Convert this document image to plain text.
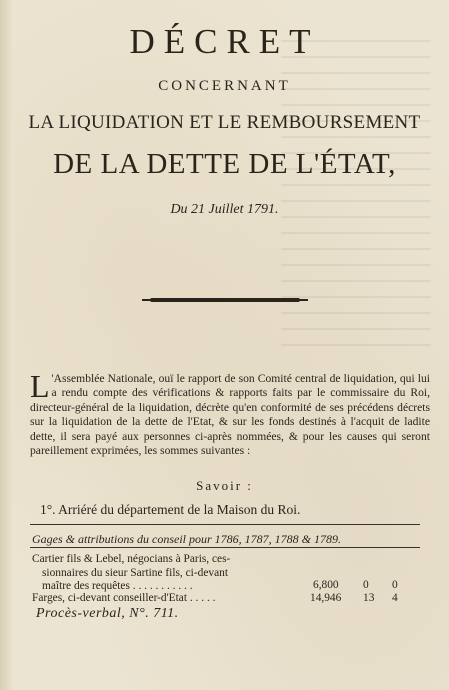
DÉCRET
CONCERNANT
LA LIQUIDATION ET LE REMBOURSEMENT
DE LA DETTE DE L'ÉTAT,
Du 21 Juillet 1791.
L 'Assemblée Nationale, ouï le rapport de son Comité central de liquidation, qui lui a rendu compte des vérifications & rapports faits par le commissaire du Roi, directeur-général de la liquidation, décrète qu'en conformité de ses précédens décrets sur la liquidation de la dette de l'Etat, & sur les fonds destinés à l'acquit de ladite dette, il sera payé aux personnes ci-après nommées, & pour les causes qui seront pareillement exprimées, les sommes suivantes :
Savoir :
1°. Arriéré du département de la Maison du Roi.
Gages & attributions du conseil pour 1786, 1787, 1788 & 1789.
Cartier fils & Lebel, négocians à Paris, ces-
sionnaires du sieur Sartine fils, ci-devant
maître des requêtes . . . . . . . . . . .	6,800 0 0
Farges, ci-devant conseiller-d'Etat . . . . .	14,946 13 4
Procès-verbal, N°. 711.
